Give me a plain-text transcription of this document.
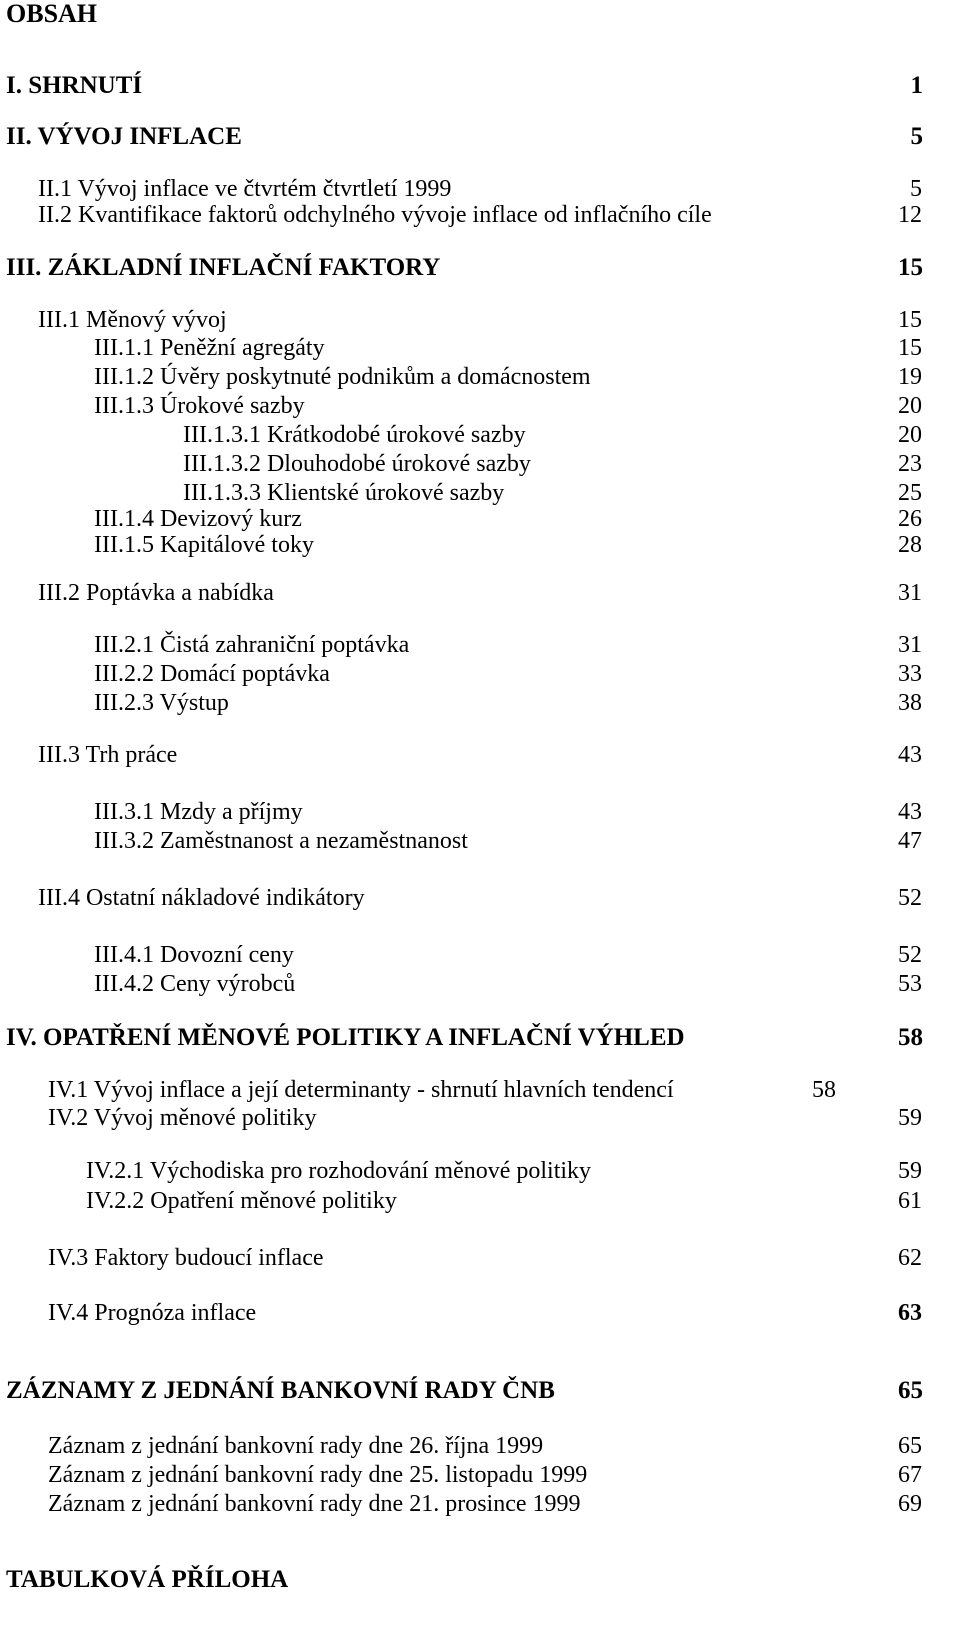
OBSAH
I. SHRNUTÍ	1
II. VÝVOJ INFLACE	5
II.1 Vývoj inflace ve čtvrtém čtvrtletí 1999	5
II.2 Kvantifikace faktorů odchylného vývoje inflace od inflačního cíle	12
III. ZÁKLADNÍ INFLAČNÍ FAKTORY	15
III.1 Měnový vývoj	15
III.1.1 Peněžní agregáty	15
III.1.2 Úvěry poskytnuté podnikům a domácnostem	19
III.1.3 Úrokové sazby	20
III.1.3.1 Krátkodobé úrokové sazby	20
III.1.3.2 Dlouhodobé úrokové sazby	23
III.1.3.3 Klientské úrokové sazby	25
III.1.4 Devizový kurz	26
III.1.5 Kapitálové toky	28
III.2 Poptávka a nabídka	31
III.2.1 Čistá zahraniční poptávka	31
III.2.2 Domácí poptávka	33
III.2.3 Výstup	38
III.3 Trh práce	43
III.3.1 Mzdy a příjmy	43
III.3.2 Zaměstnanost a nezaměstnanost	47
III.4 Ostatní nákladové indikátory	52
III.4.1 Dovozní ceny	52
III.4.2 Ceny výrobců	53
IV. OPATŘENÍ MĚNOVÉ POLITIKY A INFLAČNÍ VÝHLED	58
IV.1 Vývoj inflace a její determinanty - shrnutí hlavních tendencí	58
IV.2 Vývoj měnové politiky	59
IV.2.1 Východiska pro rozhodování měnové politiky	59
IV.2.2 Opatření měnové politiky	61
IV.3 Faktory budoucí inflace	62
IV.4 Prognóza inflace	63
ZÁZNAMY Z JEDNÁNÍ BANKOVNÍ RADY ČNB	65
Záznam z jednání bankovní rady dne 26. října 1999	65
Záznam z jednání bankovní rady dne 25. listopadu 1999	67
Záznam z jednání bankovní rady dne 21. prosince 1999	69
TABULKOVÁ PŘÍLOHA
